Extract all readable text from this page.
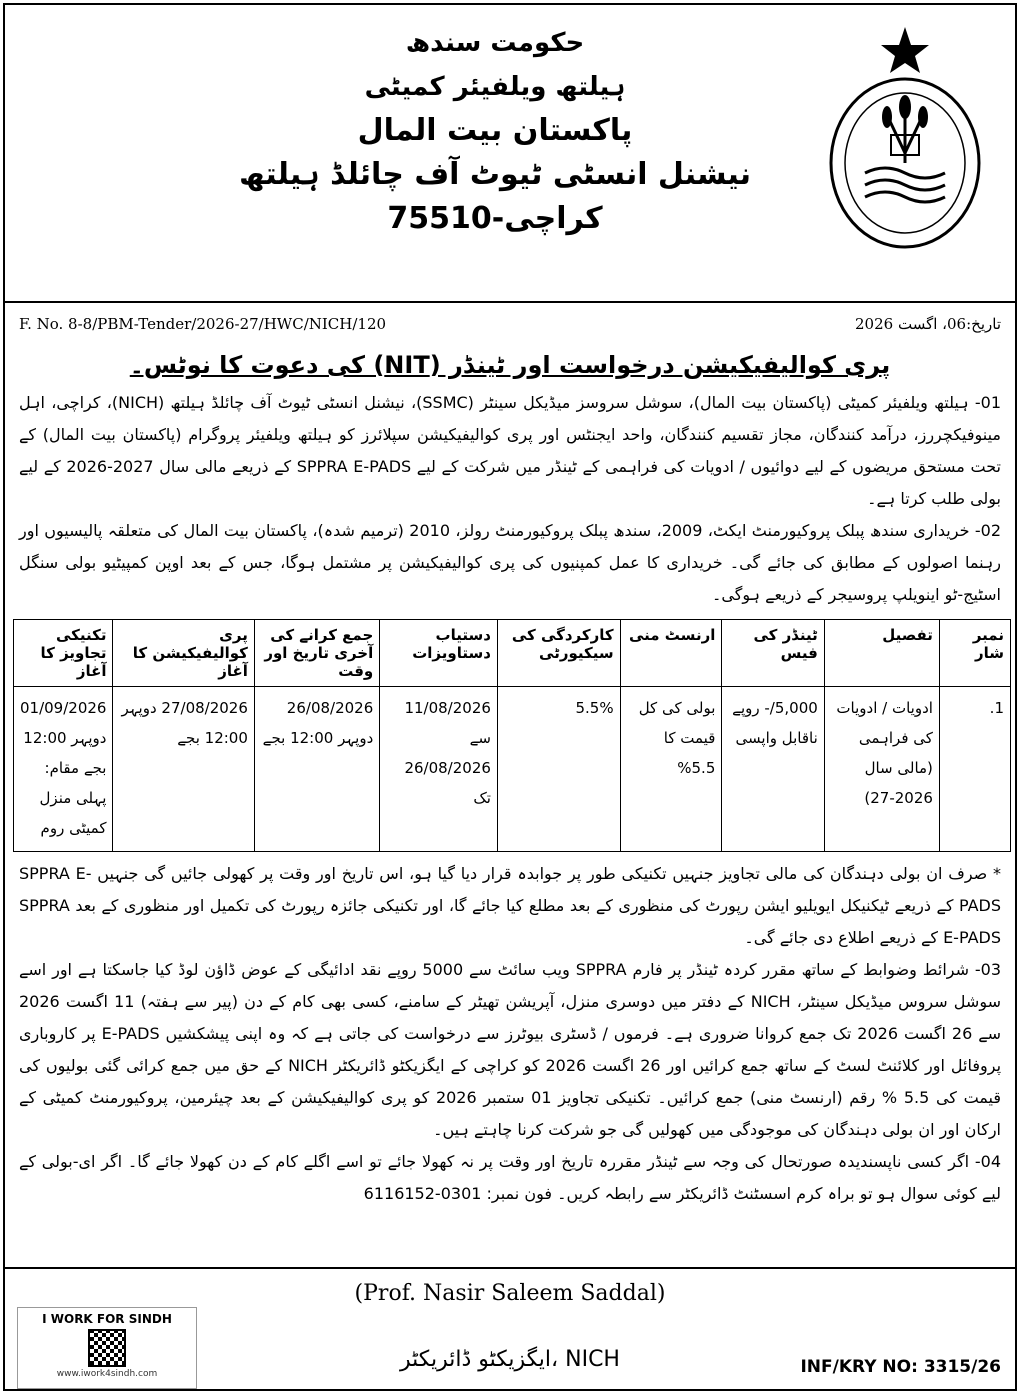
حکومت سندھ
ہیلتھ ویلفیئر کمیٹی
پاکستان بیت المال
نیشنل انسٹی ٹیوٹ آف چائلڈ ہیلتھ
کراچی-75510
F. No. 8-8/PBM-Tender/2026-27/HWC/NICH/120	تاریخ:06، اگست 2026
پری کوالیفیکیشن درخواست اور ٹینڈر (NIT) کی دعوت کا نوٹس۔

01- ہیلتھ ویلفیئر کمیٹی (پاکستان بیت المال)، سوشل سروسز میڈیکل سینٹر (SSMC)، نیشنل انسٹی ٹیوٹ آف چائلڈ ہیلتھ (NICH)، کراچی، اہل مینوفیکچررز، درآمد کنندگان، مجاز تقسیم کنندگان، واحد ایجنٹس اور پری کوالیفیکیشن سپلائرز کو ہیلتھ ویلفیئر پروگرام (پاکستان بیت المال) کے تحت مستحق مریضوں کے لیے دوائیوں / ادویات کی فراہمی کے ٹینڈر میں شرکت کے لیے SPPRA E-PADS کے ذریعے مالی سال 2027-2026 کے لیے بولی طلب کرتا ہے۔

02- خریداری سندھ پبلک پروکیورمنٹ ایکٹ، 2009، سندھ پبلک پروکیورمنٹ رولز، 2010 (ترمیم شدہ)، پاکستان بیت المال کی متعلقہ پالیسیوں اور رہنما اصولوں کے مطابق کی جائے گی۔ خریداری کا عمل کمپنیوں کی پری کوالیفیکیشن پر مشتمل ہوگا، جس کے بعد اوپن کمپیٹیو بولی سنگل اسٹیج-ٹو اینویلپ پروسیجر کے ذریعے ہوگی۔

نمبر شار	تفصیل	ٹینڈر کی فیس	ارنسٹ منی	کارکردگی کی سیکیورٹی	دستیاب دستاویزات	جمع کرانے کی آخری تاریخ اور وقت	پری کوالیفیکیشن کا آغاز	تکنیکی تجاویز کا آغاز
1.	ادویات / ادویات کی فراہمی (مالی سال 2026-27)	5,000/- روپے ناقابل واپسی	بولی کی کل قیمت کا 5.5%	5.5%	11/08/2026 سے 26/08/2026 تک	26/08/2026 دوپہر 12:00 بجے	27/08/2026 دوپہر 12:00 بجے	01/09/2026 دوپہر 12:00 بجے مقام: پہلی منزل کمیٹی روم

* صرف ان بولی دہندگان کی مالی تجاویز جنہیں تکنیکی طور پر جوابدہ قرار دیا گیا ہو، اس تاریخ اور وقت پر کھولی جائیں گی جنہیں SPPRA E-PADS کے ذریعے ٹیکنیکل ایویلیو ایشن رپورٹ کی منظوری کے بعد مطلع کیا جائے گا، اور تکنیکی جائزہ رپورٹ کی تکمیل اور منظوری کے بعد SPPRA E-PADS کے ذریعے اطلاع دی جائے گی۔

03- شرائط وضوابط کے ساتھ مقرر کردہ ٹینڈر پر فارم SPPRA ویب سائٹ سے 5000 روپے نقد ادائیگی کے عوض ڈاؤن لوڈ کیا جاسکتا ہے اور اسے سوشل سروس میڈیکل سینٹر، NICH کے دفتر میں دوسری منزل، آپریشن تھیٹر کے سامنے، کسی بھی کام کے دن (پیر سے ہفتہ) 11 اگست 2026 سے 26 اگست 2026 تک جمع کروانا ضروری ہے۔ فرموں / ڈسٹری بیوٹرز سے درخواست کی جاتی ہے کہ وہ اپنی پیشکشیں E-PADS پر کاروباری پروفائل اور کلائنٹ لسٹ کے ساتھ جمع کرائیں اور 26 اگست 2026 کو کراچی کے ایگزیکٹو ڈائریکٹر NICH کے حق میں جمع کرائی گئی بولیوں کی قیمت کی 5.5 % رقم (ارنسٹ منی) جمع کرائیں۔ تکنیکی تجاویز 01 ستمبر 2026 کو پری کوالیفیکیشن کے بعد چیئرمین، پروکیورمنٹ کمیٹی کے ارکان اور ان بولی دہندگان کی موجودگی میں کھولیں گی جو شرکت کرنا چاہتے ہیں۔

04- اگر کسی ناپسندیدہ صورتحال کی وجہ سے ٹینڈر مقررہ تاریخ اور وقت پر نہ کھولا جائے تو اسے اگلے کام کے دن کھولا جائے گا۔ اگر ای-بولی کے لیے کوئی سوال ہو تو براہ کرم اسسٹنٹ ڈائریکٹر سے رابطہ کریں۔ فون نمبر: 0301-6116152

(Prof. Nasir Saleem Saddal)
ایگزیکٹو ڈائریکٹر، NICH	INF/KRY NO: 3315/26
I WORK FOR SINDH
www.iwork4sindh.com
